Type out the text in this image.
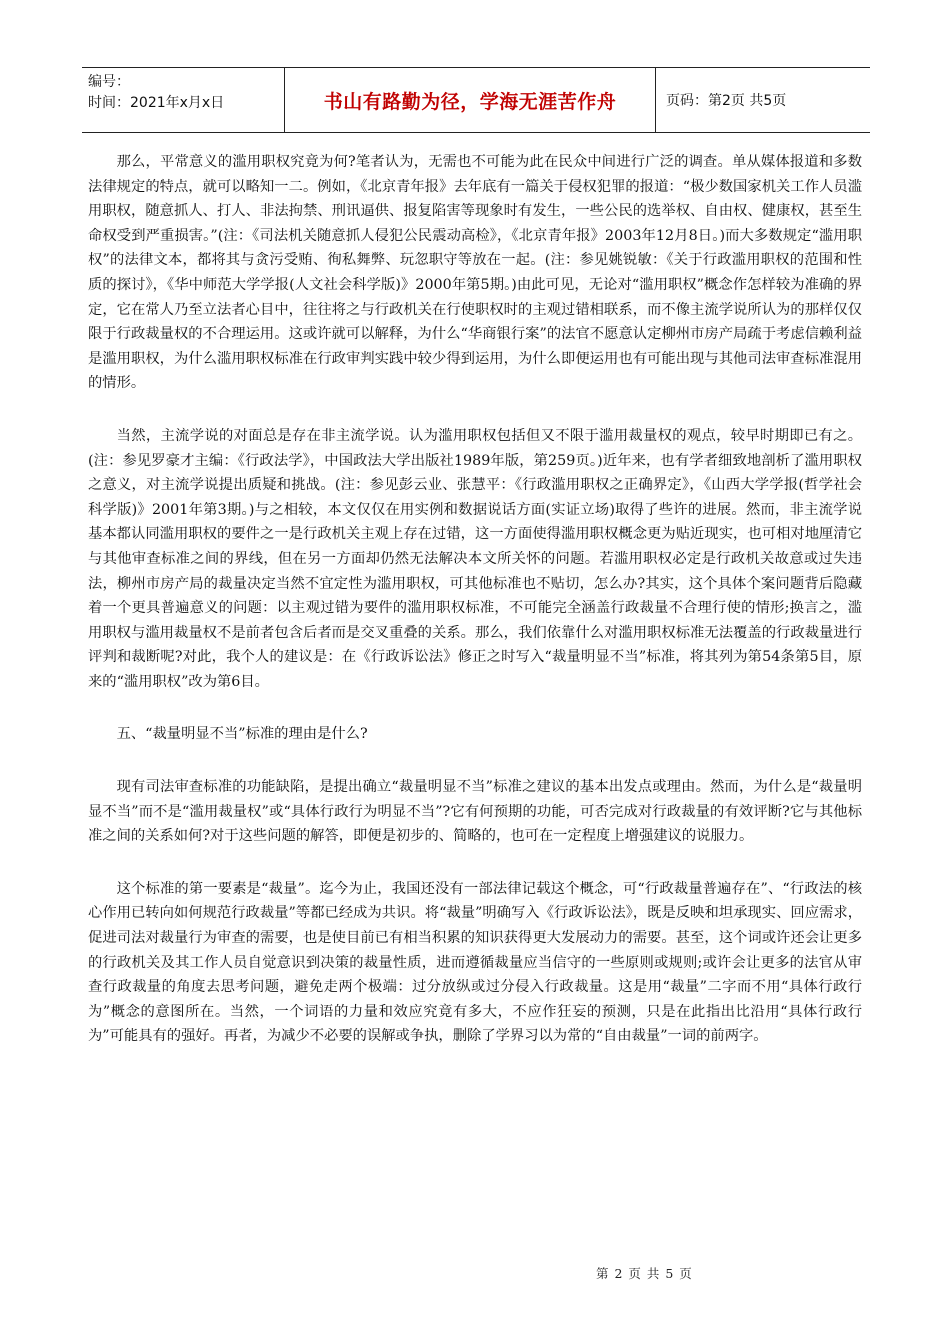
编号：
时间：2021年x月x日	书山有路勤为径，学海无涯苦作舟	页码：第2页 共5页

那么，平常意义的滥用职权究竟为何?笔者认为，无需也不可能为此在民众中间进行广泛的调查。单从媒体报道和多数法律规定的特点，就可以略知一二。例如，《北京青年报》去年底有一篇关于侵权犯罪的报道：“极少数国家机关工作人员滥用职权，随意抓人、打人、非法拘禁、刑讯逼供、报复陷害等现象时有发生，一些公民的选举权、自由权、健康权，甚至生命权受到严重损害。”(注：《司法机关随意抓人侵犯公民震动高检》，《北京青年报》2003年12月8日。)而大多数规定“滥用职权”的法律文本，都将其与贪污受贿、徇私舞弊、玩忽职守等放在一起。(注：参见姚锐敏：《关于行政滥用职权的范围和性质的探讨》，《华中师范大学学报(人文社会科学版)》2000年第5期。)由此可见，无论对“滥用职权”概念作怎样较为准确的界定，它在常人乃至立法者心目中，往往将之与行政机关在行使职权时的主观过错相联系，而不像主流学说所认为的那样仅仅限于行政裁量权的不合理运用。这或许就可以解释，为什么“华商银行案”的法官不愿意认定柳州市房产局疏于考虑信赖利益是滥用职权，为什么滥用职权标准在行政审判实践中较少得到运用，为什么即便运用也有可能出现与其他司法审查标准混用的情形。

当然，主流学说的对面总是存在非主流学说。认为滥用职权包括但又不限于滥用裁量权的观点，较早时期即已有之。(注：参见罗豪才主编：《行政法学》，中国政法大学出版社1989年版，第259页。)近年来，也有学者细致地剖析了滥用职权之意义，对主流学说提出质疑和挑战。(注：参见彭云业、张慧平：《行政滥用职权之正确界定》，《山西大学学报(哲学社会科学版)》2001年第3期。)与之相较，本文仅仅在用实例和数据说话方面(实证立场)取得了些许的进展。然而，非主流学说基本都认同滥用职权的要件之一是行政机关主观上存在过错，这一方面使得滥用职权概念更为贴近现实，也可相对地厘清它与其他审查标准之间的界线，但在另一方面却仍然无法解决本文所关怀的问题。若滥用职权必定是行政机关故意或过失违法，柳州市房产局的裁量决定当然不宜定性为滥用职权，可其他标准也不贴切，怎么办?其实，这个具体个案问题背后隐藏着一个更具普遍意义的问题：以主观过错为要件的滥用职权标准，不可能完全涵盖行政裁量不合理行使的情形;换言之，滥用职权与滥用裁量权不是前者包含后者而是交叉重叠的关系。那么，我们依靠什么对滥用职权标准无法覆盖的行政裁量进行评判和裁断呢?对此，我个人的建议是：在《行政诉讼法》修正之时写入“裁量明显不当”标准，将其列为第54条第5目，原来的“滥用职权”改为第6目。

五、“裁量明显不当”标准的理由是什么?

现有司法审查标准的功能缺陷，是提出确立“裁量明显不当”标准之建议的基本出发点或理由。然而，为什么是“裁量明显不当”而不是“滥用裁量权”或“具体行政行为明显不当”?它有何预期的功能，可否完成对行政裁量的有效评断?它与其他标准之间的关系如何?对于这些问题的解答，即便是初步的、简略的，也可在一定程度上增强建议的说服力。

这个标准的第一要素是“裁量”。迄今为止，我国还没有一部法律记载这个概念，可“行政裁量普遍存在”、“行政法的核心作用已转向如何规范行政裁量”等都已经成为共识。将“裁量”明确写入《行政诉讼法》，既是反映和坦承现实、回应需求，促进司法对裁量行为审查的需要，也是使目前已有相当积累的知识获得更大发展动力的需要。甚至，这个词或许还会让更多的行政机关及其工作人员自觉意识到决策的裁量性质，进而遵循裁量应当信守的一些原则或规则;或许会让更多的法官从审查行政裁量的角度去思考问题，避免走两个极端：过分放纵或过分侵入行政裁量。这是用“裁量”二字而不用“具体行政行为”概念的意图所在。当然，一个词语的力量和效应究竟有多大，不应作狂妄的预测，只是在此指出比沿用“具体行政行为”可能具有的强好。再者，为减少不必要的误解或争执，删除了学界习以为常的“自由裁量”一词的前两字。

第 2 页 共 5 页
